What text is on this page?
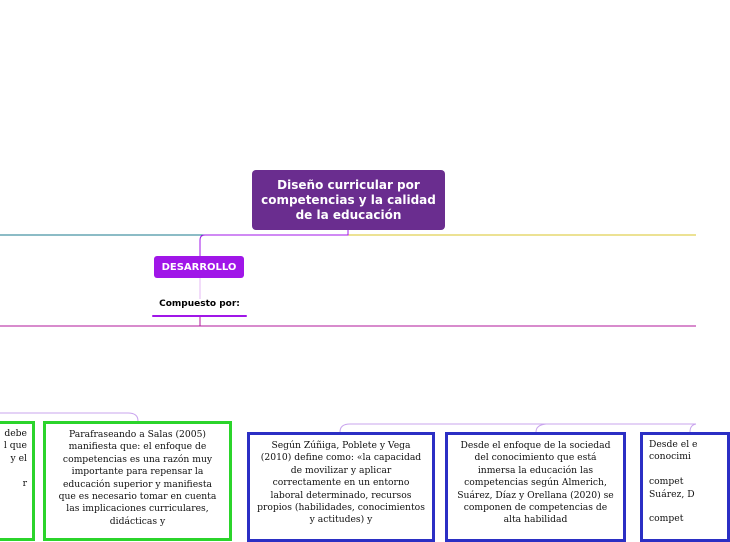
Diseño curricular por competencias y la calidad de la educación
DESARROLLO
Compuesto por:
debe
l que
y el

r
Parafraseando a Salas (2005) manifiesta que: el enfoque de competencias es una razón muy importante para repensar la educación superior y manifiesta que es necesario tomar en cuenta las implicaciones curriculares, didácticas y
Según Zúñiga, Poblete y Vega (2010) define como: «la capacidad de movilizar y aplicar correctamente en un entorno laboral determinado, recursos propios (habilidades, conocimientos y actitudes) y
Desde el enfoque de la sociedad del conocimiento que está inmersa la educación las competencias según Almerich, Suárez, Díaz y Orellana (2020) se componen de competencias de alta habilidad
Desde el e
conocimi

compet
Suárez, D

compet
